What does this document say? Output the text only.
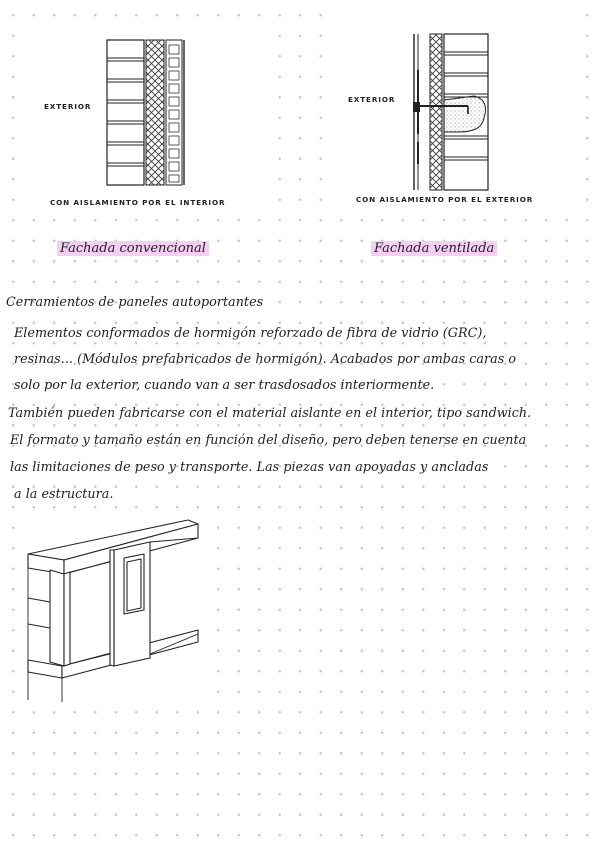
EXTERIOR
CON AISLAMIENTO POR EL INTERIOR
EXTERIOR
CON AISLAMIENTO POR EL EXTERIOR
Fachada convencional	Fachada ventilada
Cerramientos de paneles autoportantes
Elementos conformados de hormigón reforzado de fibra de vidrio (GRC),
resinas... (Módulos prefabricados de hormigón). Acabados por ambas caras o
solo por la exterior, cuando van a ser trasdosados interiormente.
También pueden fabricarse con el material aislante en el interior, tipo sandwich.
El formato y tamaño están en función del diseño, pero deben tenerse en cuenta
las limitaciones de peso y transporte. Las piezas van apoyadas y ancladas
a la estructura.
